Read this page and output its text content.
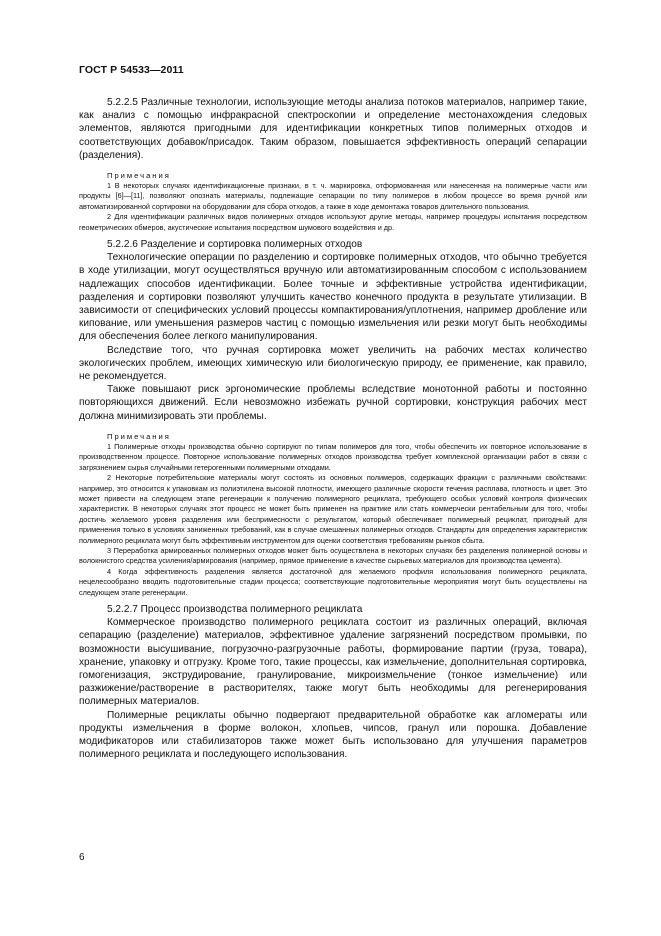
ГОСТ Р 54533—2011

5.2.2.5 Различные технологии, использующие методы анализа потоков материалов, например такие, как анализ с помощью инфракрасной спектроскопии и определение местонахождения следовых элементов, являются пригодными для идентификации конкретных типов полимерных отходов и соответствующих добавок/присадок. Таким образом, повышается эффективность операций сепарации (разделения).

Примечания

1 В некоторых случаях идентификационные признаки, в т. ч. маркировка, отформованная или нанесенная на полимерные части или продукты [6]—[11], позволяют опознать материалы, подлежащие сепарации по типу полимеров в любом процессе во время ручной или автоматизированной сортировки на оборудовании для сбора отходов, а также в ходе демонтажа товаров длительного пользования.

2 Для идентификации различных видов полимерных отходов используют другие методы, например процедуры испытания посредством геометрических обмеров, акустические испытания посредством шумового воздействия и др.

5.2.2.6 Разделение и сортировка полимерных отходов

Технологические операции по разделению и сортировке полимерных отходов, что обычно требуется в ходе утилизации, могут осуществляться вручную или автоматизированным способом с использованием надлежащих способов идентификации. Более точные и эффективные устройства идентификации, разделения и сортировки позволяют улучшить качество конечного продукта в результате утилизации. В зависимости от специфических условий процессы компактирования/уплотнения, например дробление или кипование, или уменьшения размеров частиц с помощью измельчения или резки могут быть необходимы для обеспечения более легкого манипулирования.

Вследствие того, что ручная сортировка может увеличить на рабочих местах количество экологических проблем, имеющих химическую или биологическую природу, ее применение, как правило, не рекомендуется.

Также повышают риск эргономические проблемы вследствие монотонной работы и постоянно повторяющихся движений. Если невозможно избежать ручной сортировки, конструкция рабочих мест должна минимизировать эти проблемы.

Примечания

1 Полимерные отходы производства обычно сортируют по типам полимеров для того, чтобы обеспечить их повторное использование в производственном процессе. Повторное использование полимерных отходов производства требует комплексной организации работ в связи с загрязнением сырья случайными гетерогенными полимерными отходами.

2 Некоторые потребительские материалы могут состоять из основных полимеров, содержащих фракции с различными свойствами: например, это относится к упаковкам из полиэтилена высокой плотности, имеющего различные скорости течения расплава, плотность и цвет. Это может привести на следующем этапе регенерации к получению полимерного рециклата, требующего особых условий контроля физических характеристик. В некоторых случаях этот процесс не может быть применен на практике или стать коммерчески рентабельным для того, чтобы достичь желаемого уровня разделения или беспримесности с результатом, который обеспечивает полимерный рециклат, пригодный для применения только в условиях заниженных требований, как в случае смешанных полимерных отходов. Стандарты для определения характеристик полимерного рециклата могут быть эффективным инструментом для оценки соответствия требованиям рынков сбыта.

3 Переработка армированных полимерных отходов может быть осуществлена в некоторых случаях без разделения полимерной основы и волокнистого средства усиления/армирования (например, прямое применение в качестве сырьевых материалов для производства цемента).

4 Когда эффективность разделения является достаточной для желаемого профиля использования полимерного рециклата, нецелесообразно вводить подготовительные стадии процесса; соответствующие подготовительные мероприятия могут быть осуществлены на следующем этапе регенерации.

5.2.2.7 Процесс производства полимерного рециклата

Коммерческое производство полимерного рециклата состоит из различных операций, включая сепарацию (разделение) материалов, эффективное удаление загрязнений посредством промывки, по возможности высушивание, погрузочно-разгрузочные работы, формирование партии (груза, товара), хранение, упаковку и отгрузку. Кроме того, такие процессы, как измельчение, дополнительная сортировка, гомогенизация, экструдирование, гранулирование, микроизмельчение (тонкое измельчение) или разжижение/растворение в растворителях, также могут быть необходимы для регенерирования полимерных материалов.

Полимерные рециклаты обычно подвергают предварительной обработке как агломераты или продукты измельчения в форме волокон, хлопьев, чипсов, гранул или порошка. Добавление модификаторов или стабилизаторов также может быть использовано для улучшения параметров полимерного рециклата и последующего использования.

6
